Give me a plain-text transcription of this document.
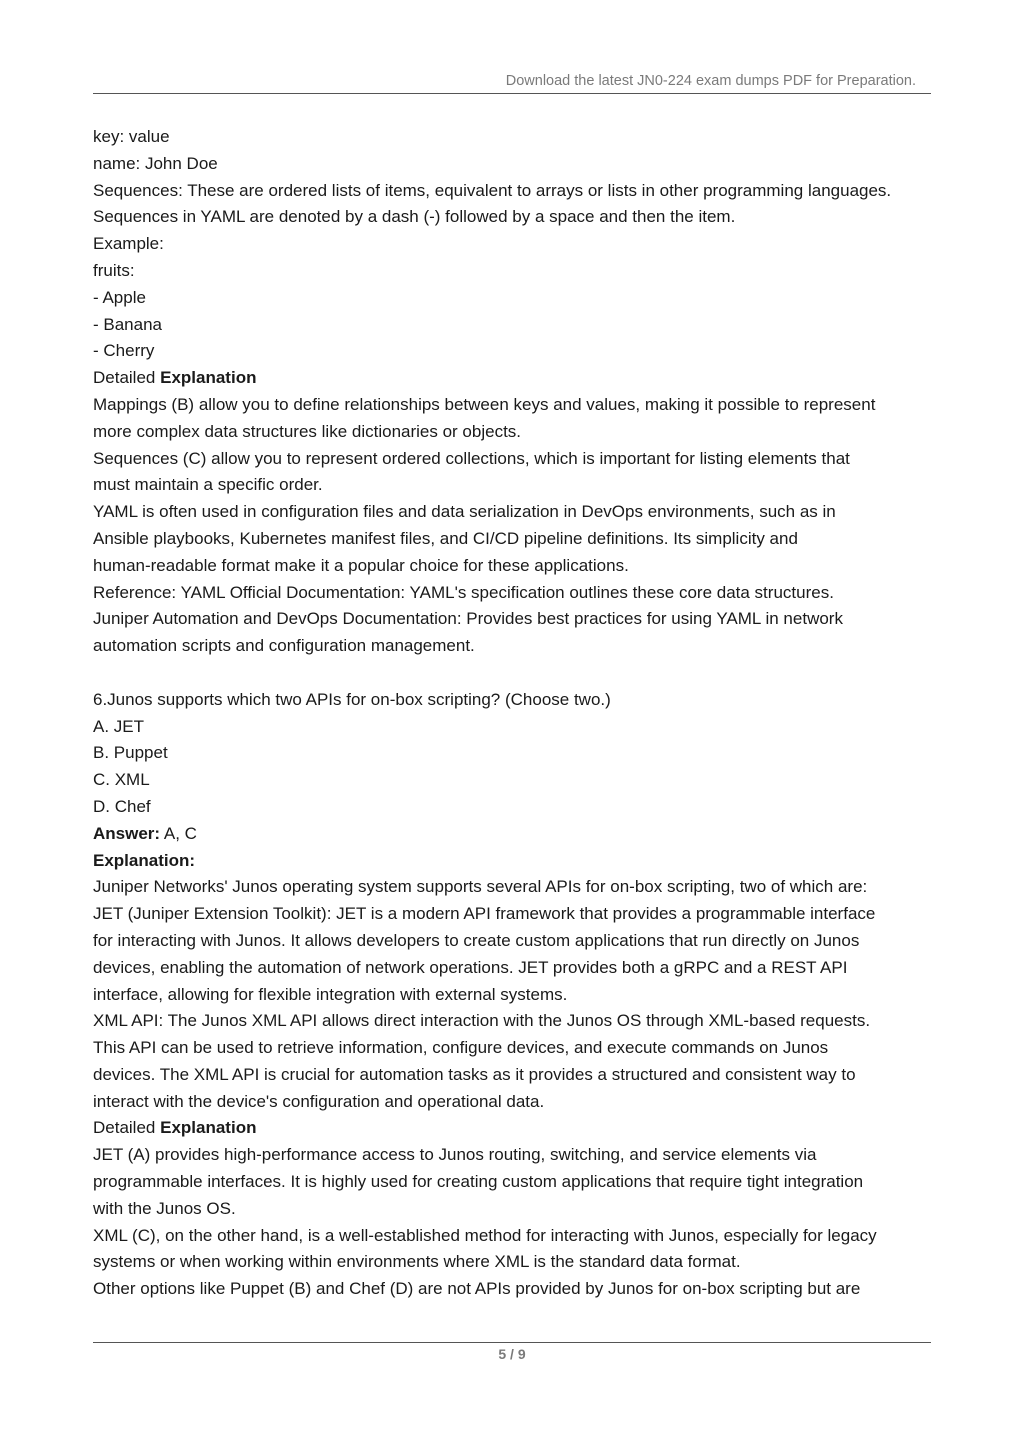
Download the latest JN0-224 exam dumps PDF for Preparation.
key: value
name: John Doe
Sequences: These are ordered lists of items, equivalent to arrays or lists in other programming languages.
Sequences in YAML are denoted by a dash (-) followed by a space and then the item.
Example:
fruits:
- Apple
- Banana
- Cherry
Detailed Explanation
Mappings (B) allow you to define relationships between keys and values, making it possible to represent
more complex data structures like dictionaries or objects.
Sequences (C) allow you to represent ordered collections, which is important for listing elements that
must maintain a specific order.
YAML is often used in configuration files and data serialization in DevOps environments, such as in
Ansible playbooks, Kubernetes manifest files, and CI/CD pipeline definitions. Its simplicity and
human-readable format make it a popular choice for these applications.
Reference: YAML Official Documentation: YAML's specification outlines these core data structures.
Juniper Automation and DevOps Documentation: Provides best practices for using YAML in network
automation scripts and configuration management.
6.Junos supports which two APIs for on-box scripting? (Choose two.)
A. JET
B. Puppet
C. XML
D. Chef
Answer: A, C
Explanation:
Juniper Networks' Junos operating system supports several APIs for on-box scripting, two of which are:
JET (Juniper Extension Toolkit): JET is a modern API framework that provides a programmable interface
for interacting with Junos. It allows developers to create custom applications that run directly on Junos
devices, enabling the automation of network operations. JET provides both a gRPC and a REST API
interface, allowing for flexible integration with external systems.
XML API: The Junos XML API allows direct interaction with the Junos OS through XML-based requests.
This API can be used to retrieve information, configure devices, and execute commands on Junos
devices. The XML API is crucial for automation tasks as it provides a structured and consistent way to
interact with the device's configuration and operational data.
Detailed Explanation
JET (A) provides high-performance access to Junos routing, switching, and service elements via
programmable interfaces. It is highly used for creating custom applications that require tight integration
with the Junos OS.
XML (C), on the other hand, is a well-established method for interacting with Junos, especially for legacy
systems or when working within environments where XML is the standard data format.
Other options like Puppet (B) and Chef (D) are not APIs provided by Junos for on-box scripting but are
5 / 9
